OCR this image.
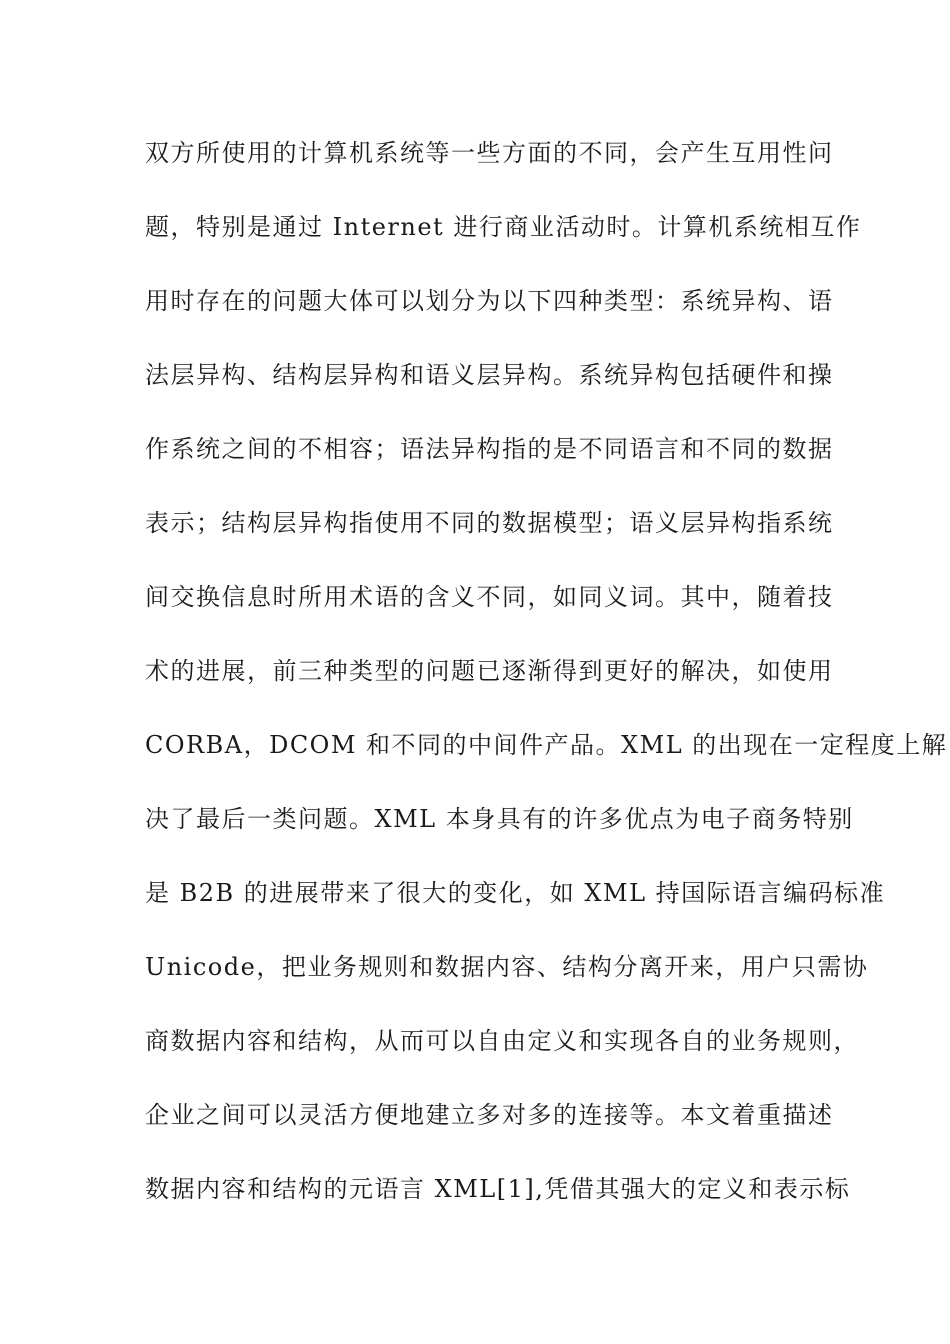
双方所使用的计算机系统等一些方面的不同，会产生互用性问
题，特别是通过 Internet 进行商业活动时。计算机系统相互作
用时存在的问题大体可以划分为以下四种类型：系统异构、语
法层异构、结构层异构和语义层异构。系统异构包括硬件和操
作系统之间的不相容；语法异构指的是不同语言和不同的数据
表示；结构层异构指使用不同的数据模型；语义层异构指系统
间交换信息时所用术语的含义不同，如同义词。其中，随着技
术的进展，前三种类型的问题已逐渐得到更好的解决，如使用
CORBA，DCOM 和不同的中间件产品。XML 的出现在一定程度上解
决了最后一类问题。XML 本身具有的许多优点为电子商务特别
是 B2B 的进展带来了很大的变化，如 XML 持国际语言编码标准
Unicode，把业务规则和数据内容、结构分离开来，用户只需协
商数据内容和结构，从而可以自由定义和实现各自的业务规则，
企业之间可以灵活方便地建立多对多的连接等。本文着重描述
数据内容和结构的元语言 XML[1],凭借其强大的定义和表示标
